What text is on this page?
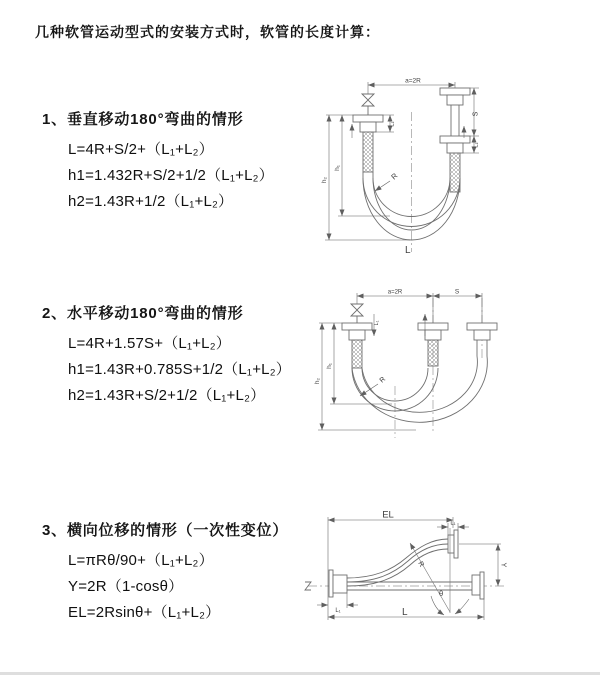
几种软管运动型式的安装方式时，软管的长度计算：
1、垂直移动180°弯曲的情形
L=4R+S/2+（L₁+L₂）
h1=1.432R+S/2+1/2（L₁+L₂）
h2=1.43R+1/2（L₁+L₂）
2、水平移动180°弯曲的情形
L=4R+1.57S+（L₁+L₂）
h1=1.43R+0.785S+1/2（L₁+L₂）
h2=1.43R+S/2+1/2（L₁+L₂）
3、横向位移的情形（一次性变位）
L=πRθ/90+（L₁+L₂）
Y=2R（1-cosθ）
EL=2Rsinθ+（L₁+L₂）
a=2R
R
h₁
h₂
L₁
S
L₁
L
a=2R	S
R
h₁
h₂
L₁
EL
L₁
R
θ
Y
L₁	L
